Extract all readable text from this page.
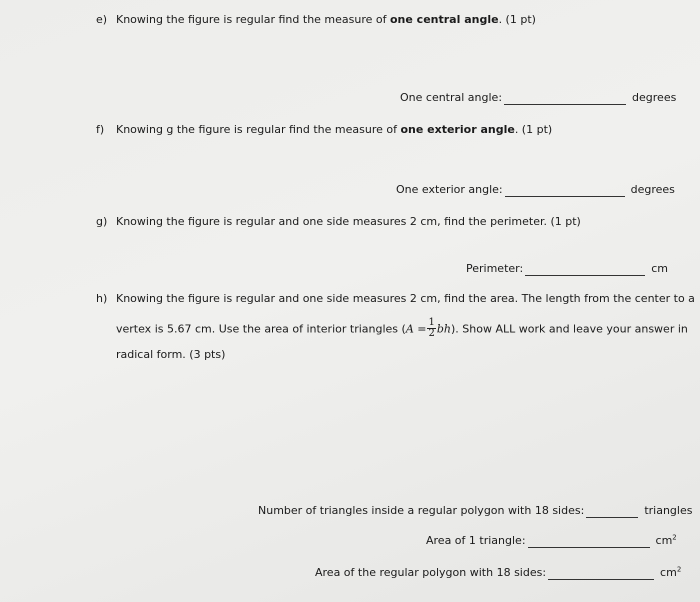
e) Knowing the figure is regular find the measure of one central angle. (1 pt)
One central angle:	degrees
f) Knowing g the figure is regular find the measure of one exterior angle. (1 pt)
One exterior angle:	degrees
g) Knowing the figure is regular and one side measures 2 cm, find the perimeter. (1 pt)
Perimeter:	cm
h) Knowing the figure is regular and one side measures 2 cm, find the area. The length from the center to a
vertex is 5.67 cm. Use the area of interior triangles $(A = \frac{1}{2} bh)$. Show ALL work and leave your answer in
radical form. (3 pts)
Number of triangles inside a regular polygon with 18 sides:	triangles
Area of 1 triangle:	$cm^2$
Area of the regular polygon with 18 sides:	$cm^2$
